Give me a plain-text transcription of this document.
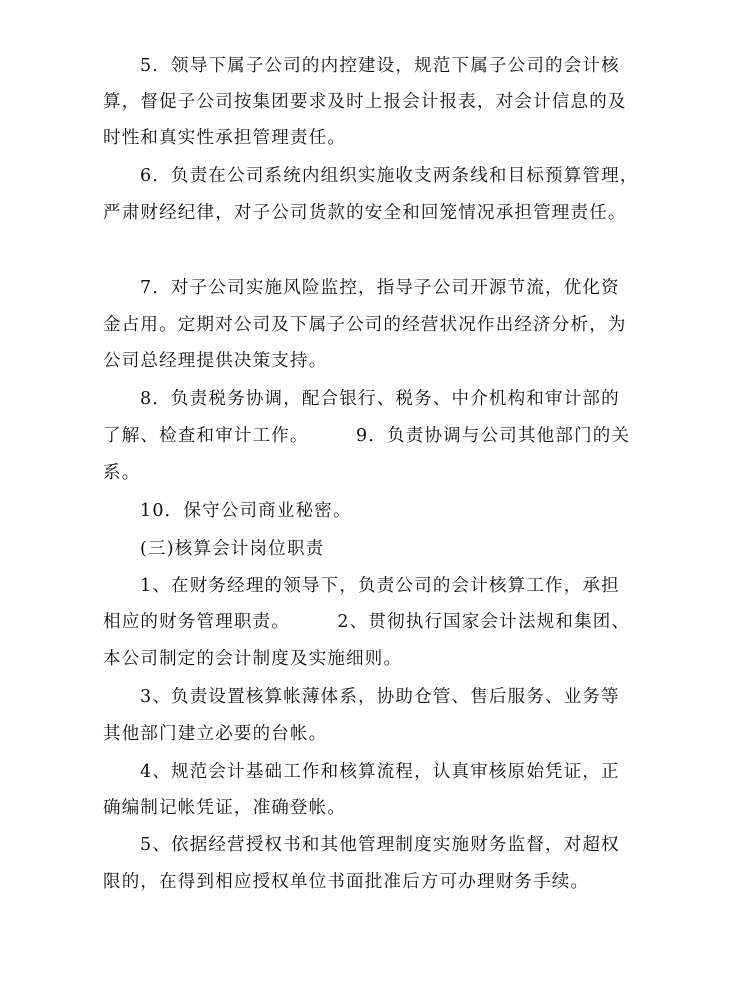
5．领导下属子公司的内控建设，规范下属子公司的会计核
算，督促子公司按集团要求及时上报会计报表，对会计信息的及
时性和真实性承担管理责任。
6．负责在公司系统内组织实施收支两条线和目标预算管理，
严肃财经纪律，对子公司货款的安全和回笼情况承担管理责任。
7．对子公司实施风险监控，指导子公司开源节流，优化资
金占用。定期对公司及下属子公司的经营状况作出经济分析，为
公司总经理提供决策支持。
8．负责税务协调，配合银行、税务、中介机构和审计部的
了解、检查和审计工作。　　　9．负责协调与公司其他部门的关
系。
10．保守公司商业秘密。
(三)核算会计岗位职责
1、在财务经理的领导下，负责公司的会计核算工作，承担
相应的财务管理职责。　　　2、贯彻执行国家会计法规和集团、
本公司制定的会计制度及实施细则。
3、负责设置核算帐薄体系，协助仓管、售后服务、业务等
其他部门建立必要的台帐。
4、规范会计基础工作和核算流程，认真审核原始凭证，正
确编制记帐凭证，准确登帐。
5、依据经营授权书和其他管理制度实施财务监督，对超权
限的，在得到相应授权单位书面批准后方可办理财务手续。
